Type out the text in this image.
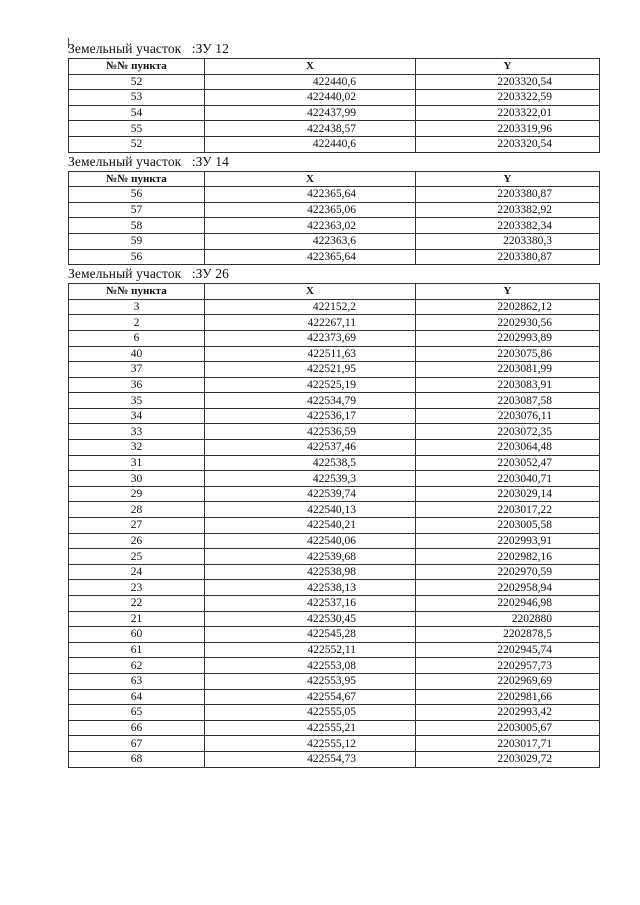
Земельный участок   :ЗУ 12
№№ пункта	X	Y
52	422440,6	2203320,54
53	422440,02	2203322,59
54	422437,99	2203322,01
55	422438,57	2203319,96
52	422440,6	2203320,54
Земельный участок   :ЗУ 14
№№ пункта	X	Y
56	422365,64	2203380,87
57	422365,06	2203382,92
58	422363,02	2203382,34
59	422363,6	2203380,3
56	422365,64	2203380,87
Земельный участок   :ЗУ 26
№№ пункта	X	Y
3	422152,2	2202862,12
2	422267,11	2202930,56
6	422373,69	2202993,89
40	422511,63	2203075,86
37	422521,95	2203081,99
36	422525,19	2203083,91
35	422534,79	2203087,58
34	422536,17	2203076,11
33	422536,59	2203072,35
32	422537,46	2203064,48
31	422538,5	2203052,47
30	422539,3	2203040,71
29	422539,74	2203029,14
28	422540,13	2203017,22
27	422540,21	2203005,58
26	422540,06	2202993,91
25	422539,68	2202982,16
24	422538,98	2202970,59
23	422538,13	2202958,94
22	422537,16	2202946,98
21	422530,45	2202880
60	422545,28	2202878,5
61	422552,11	2202945,74
62	422553,08	2202957,73
63	422553,95	2202969,69
64	422554,67	2202981,66
65	422555,05	2202993,42
66	422555,21	2203005,67
67	422555,12	2203017,71
68	422554,73	2203029,72
